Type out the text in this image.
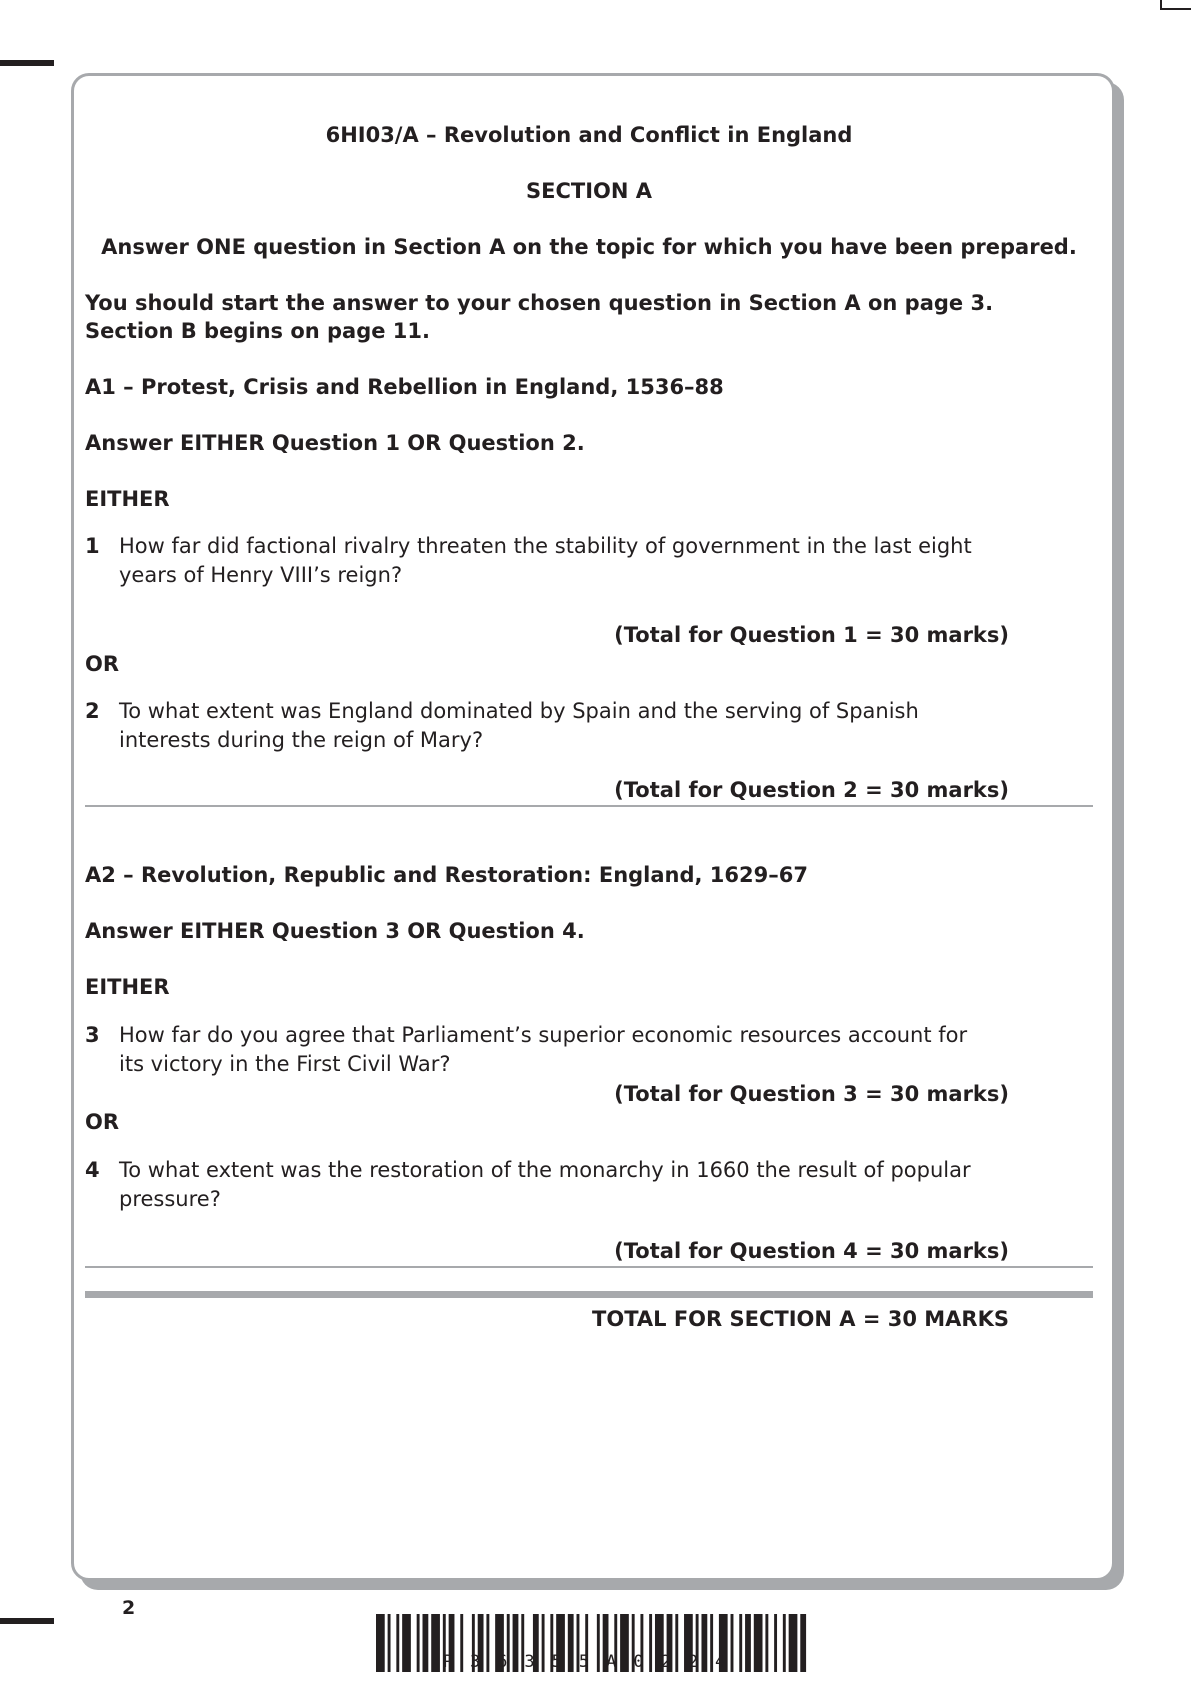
6HI03/A – Revolution and Conflict in England
SECTION A
Answer ONE question in Section A on the topic for which you have been prepared.
You should start the answer to your chosen question in Section A on page 3.
Section B begins on page 11.
A1 – Protest, Crisis and Rebellion in England, 1536–88
Answer EITHER Question 1 OR Question 2.
EITHER
1 How far did factional rivalry threaten the stability of government in the last eight years of Henry VIII’s reign?
(Total for Question 1 = 30 marks)
OR
2 To what extent was England dominated by Spain and the serving of Spanish interests during the reign of Mary?
(Total for Question 2 = 30 marks)
A2 – Revolution, Republic and Restoration: England, 1629–67
Answer EITHER Question 3 OR Question 4.
EITHER
3 How far do you agree that Parliament’s superior economic resources account for its victory in the First Civil War?
(Total for Question 3 = 30 marks)
OR
4 To what extent was the restoration of the monarchy in 1660 the result of popular pressure?
(Total for Question 4 = 30 marks)
TOTAL FOR SECTION A = 30 MARKS
2
P36355A0224
